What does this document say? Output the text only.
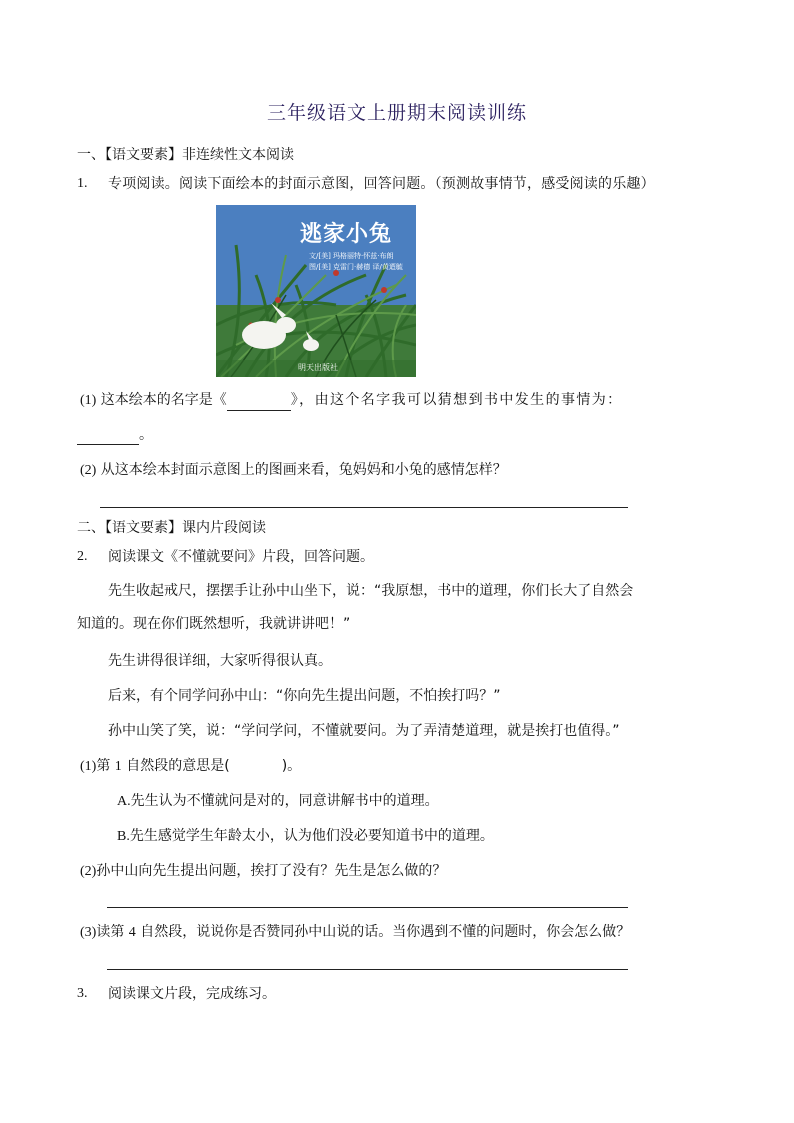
三年级语文上册期末阅读训练
一、【语文要素】非连续性文本阅读
1. 专项阅读。阅读下面绘本的封面示意图，回答问题。（预测故事情节，感受阅读的乐趣）
逃家小兔
文/[美] 玛格丽特·怀兹·布朗
图/[美] 克雷门·赫德 译/黄迺毓
明天出版社
(1) 这本绘本的名字是《	》，由这个名字我可以猜想到书中发生的事情为：
。
(2) 从这本绘本封面示意图上的图画来看，兔妈妈和小兔的感情怎样？
二、【语文要素】课内片段阅读
2. 阅读课文《不懂就要问》片段，回答问题。
先生收起戒尺，摆摆手让孙中山坐下，说：“我原想，书中的道理，你们长大了自然会
知道的。现在你们既然想听，我就讲讲吧！”
先生讲得很详细，大家听得很认真。
后来，有个同学问孙中山：“你向先生提出问题，不怕挨打吗？”
孙中山笑了笑，说：“学问学问，不懂就要问。为了弄清楚道理，就是挨打也值得。”
(1)第 1 自然段的意思是(	)。
A.先生认为不懂就问是对的，同意讲解书中的道理。
B.先生感觉学生年龄太小，认为他们没必要知道书中的道理。
(2)孙中山向先生提出问题，挨打了没有？先生是怎么做的？
(3)读第 4 自然段，说说你是否赞同孙中山说的话。当你遇到不懂的问题时，你会怎么做？
3. 阅读课文片段，完成练习。
